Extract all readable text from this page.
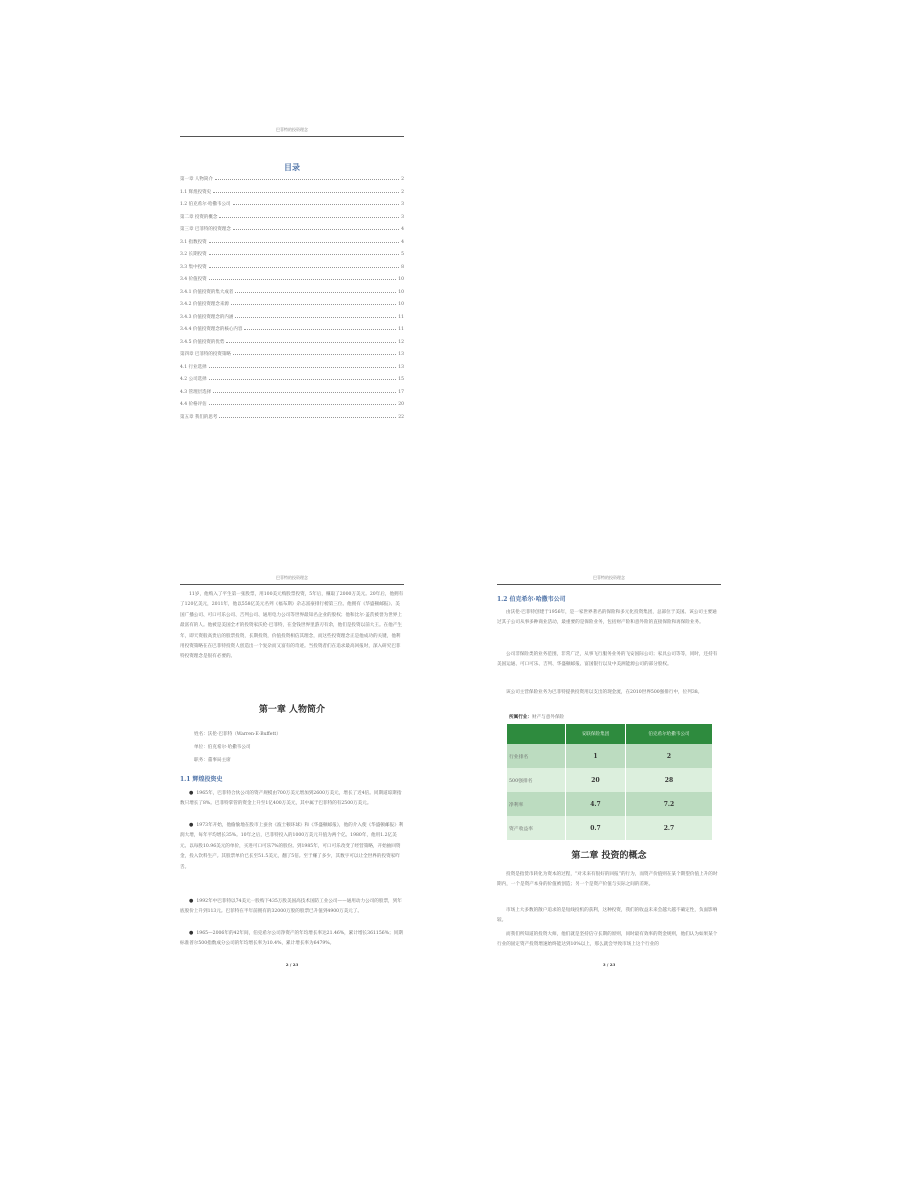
巴菲特的投资理念
目录
第一章 人物简介	2
1.1 辉煌投资史	2
1.2 伯克希尔·哈撒韦公司	3
第二章 投资的概念	3
第三章 巴菲特的投资理念	4
3.1 指数投资	4
3.2 长期投资	5
3.3 集中投资	8
3.4 价值投资	10
3.4.1 价值投资的集大成者	10
3.4.2 价值投资理念来源	10
3.4.3 价值投资理念的内涵	11
3.4.4 价值投资理念的核心内容	11
3.4.5 价值投资的优势	12
第四章 巴菲特的投资策略	13
4.1 行业选择	13
4.2 公司选择	15
4.3 管理层选择	17
4.4 价格评估	20
第五章 我们的思考	22
巴菲特的投资理念
11岁，他购入了平生第一张股票，用100美元购股票投资，5年后，赚取了2000万美元。20年后，他拥有了120亿美元，2011年，他以558亿美元名列《福布斯》杂志富豪排行榜第三位。他拥有《华盛顿邮报》、美国广播公司、可口可乐公司、吉列公司、通用电力公司等世界最知名企业的股权；他和比尔·盖茨被誉为世界上最富有的人。他被是美国全才的投资家沃伦·巴菲特，在金钱世界里游刃有余，他们是投资以前大王。在他产生年，即天资般高贵后的股票投资，长期投资，价值投资相信其理念，而这些投资理念正是他成功的关键，他利用投资策略在在巴菲特投资人创造出一个复杂而又富有的奇迹。当投资者们在追求最高回报时，深入研究巴菲特投资理念是很有必要的。
第一章 人物简介
姓名：沃伦·巴菲特（Warren·E·Buffett）
单位：伯克希尔·哈撒韦公司
职务：董事局主席
1.1 辉煌投资史
● 1965年，巴菲特合伙公司的资产规模由700万美元增加到2600万美元，增长了近4倍。同期道琼斯指数只增长了8%。巴菲特掌管的资金上升至1亿400万美元，其中属于巴菲特的有2500万美元。
● 1973年开始，他偷偷地在股市上蚕食《波士顿环球》和《华盛顿邮报》，他的介入使《华盛顿邮报》利润大增，每年平均增长35%。10年之后，巴菲特投入的1000万美元升值为两个亿。1980年，他用1.2亿美元、以每股10.96美元的单价，买进可口可乐7%的股份。到1985年，可口可乐改变了经营策略，开始抽回资金，投入饮料生产。其股票单价已长至51.5美元，翻了5倍。至于赚了多少，其数字可以让全世界的投资家咋舌。
● 1992年中巴菲特以74美元一股购下435万股美国高技术国防工业公司——通用动力公司的股票，到年底股价上升到113元。巴菲特在半年前拥有的32000万股的股票已升值到4900万美元了。
● 1965—2006年的42年间，伯克希尔公司净资产的年均增长率达21.46%，累计增长361156%；同期标准普尔500指数成分公司的年均增长率为10.4%，累计增长率为6479%。
2 / 23
巴菲特的投资理念
1.2 伯克希尔·哈撒韦公司
由沃伦·巴菲特创建于1956年，是一家世界著名的保险和多元化投资集团，总部位于美国。该公司主要通过其子公司从事多种商业活动，最重要的是保险业务，包括财产险和意外险的直接保险和再保险业务。
公司非保险类的业务范围，非常广泛，从事飞行服务业务的飞安国际公司；家具公司等等，同时，还持有美国运通、可口可乐、吉列、华盛顿邮报、富国银行以及中美洲能源公司的部分股权。
该公司主营保险业务为巴菲特提供投资用以支出的现金流，在2010世界500强排行中，位列38。
所属行业：财产与意外保险
	安联保险集团	伯克希尔哈撒韦公司
行业排名	1	2
500强排名	20	28
净利率	4.7	7.2
资产收益率	0.7	2.7
第二章 投资的概念
投资是指货币转化为资本的过程，“对未来有很好的回报”的行为，而资产价值则在某个期望价值上升的时期内，一个是资产本身的价值被创造；另一个是资产价值与实际之间的差距。
市场上大多数的散户追求的是短线投机的获利，这种投资，我们的收益未来会越大越不确定性，负面影响较。
而我们所知道的投资大师，他们就是坚持信守长期的原则，同时最有效率的资金规则，他们认为如果某个行业的固定资产投资增速始终能达到10%以上，那么就会导致市场上这个行业的
3 / 23
